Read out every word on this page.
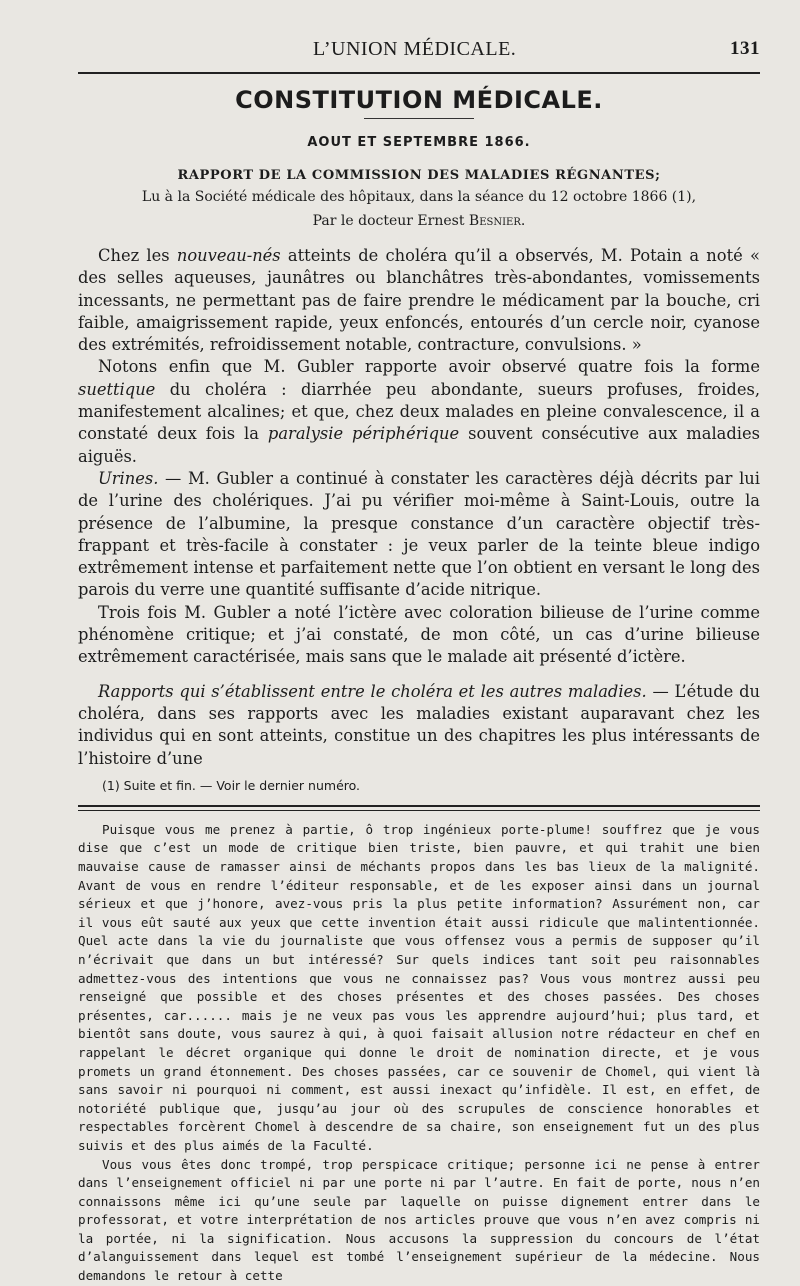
L’UNION MÉDICALE.	131
CONSTITUTION MÉDICALE.
AOUT ET SEPTEMBRE 1866.
RAPPORT DE LA COMMISSION DES MALADIES RÉGNANTES;
Lu à la Société médicale des hôpitaux, dans la séance du 12 octobre 1866 (1),
Par le docteur Ernest Besnier.

Chez les nouveau-nés atteints de choléra qu’il a observés, M. Potain a noté « des selles aqueuses, jaunâtres ou blanchâtres très-abondantes, vomissements incessants, ne permettant pas de faire prendre le médicament par la bouche, cri faible, amaigrissement rapide, yeux enfoncés, entourés d’un cercle noir, cyanose des extrémités, refroidissement notable, contracture, convulsions. »

Notons enfin que M. Gubler rapporte avoir observé quatre fois la forme suettique du choléra : diarrhée peu abondante, sueurs profuses, froides, manifestement alcalines; et que, chez deux malades en pleine convalescence, il a constaté deux fois la paralysie périphérique souvent consécutive aux maladies aiguës.

Urines. — M. Gubler a continué à constater les caractères déjà décrits par lui de l’urine des cholériques. J’ai pu vérifier moi-même à Saint-Louis, outre la présence de l’albumine, la presque constance d’un caractère objectif très-frappant et très-facile à constater : je veux parler de la teinte bleue indigo extrêmement intense et parfaitement nette que l’on obtient en versant le long des parois du verre une quantité suffisante d’acide nitrique.

Trois fois M. Gubler a noté l’ictère avec coloration bilieuse de l’urine comme phénomène critique; et j’ai constaté, de mon côté, un cas d’urine bilieuse extrêmement caractérisée, mais sans que le malade ait présenté d’ictère.

Rapports qui s’établissent entre le choléra et les autres maladies. — L’étude du choléra, dans ses rapports avec les maladies existant auparavant chez les individus qui en sont atteints, constitue un des chapitres les plus intéressants de l’histoire d’une

(1) Suite et fin. — Voir le dernier numéro.

Puisque vous me prenez à partie, ô trop ingénieux porte-plume! souffrez que je vous dise que c’est un mode de critique bien triste, bien pauvre, et qui trahit une bien mauvaise cause de ramasser ainsi de méchants propos dans les bas lieux de la malignité. Avant de vous en rendre l’éditeur responsable, et de les exposer ainsi dans un journal sérieux et que j’honore, avez-vous pris la plus petite information? Assurément non, car il vous eût sauté aux yeux que cette invention était aussi ridicule que malintentionnée. Quel acte dans la vie du journaliste que vous offensez vous a permis de supposer qu’il n’écrivait que dans un but intéressé? Sur quels indices tant soit peu raisonnables admettez-vous des intentions que vous ne connaissez pas? Vous vous montrez aussi peu renseigné que possible et des choses présentes et des choses passées. Des choses présentes, car...... mais je ne veux pas vous les apprendre aujourd’hui; plus tard, et bientôt sans doute, vous saurez à qui, à quoi faisait allusion notre rédacteur en chef en rappelant le décret organique qui donne le droit de nomination directe, et je vous promets un grand étonnement. Des choses passées, car ce souvenir de Chomel, qui vient là sans savoir ni pourquoi ni comment, est aussi inexact qu’infidèle. Il est, en effet, de notoriété publique que, jusqu’au jour où des scrupules de conscience honorables et respectables forcèrent Chomel à descendre de sa chaire, son enseignement fut un des plus suivis et des plus aimés de la Faculté.

Vous vous êtes donc trompé, trop perspicace critique; personne ici ne pense à entrer dans l’enseignement officiel ni par une porte ni par l’autre. En fait de porte, nous n’en connaissons même ici qu’une seule par laquelle on puisse dignement entrer dans le professorat, et votre interprétation de nos articles prouve que vous n’en avez compris ni la portée, ni la signification. Nous accusons la suppression du concours de l’état d’alanguissement dans lequel est tombé l’enseignement supérieur de la médecine. Nous demandons le retour à cette
